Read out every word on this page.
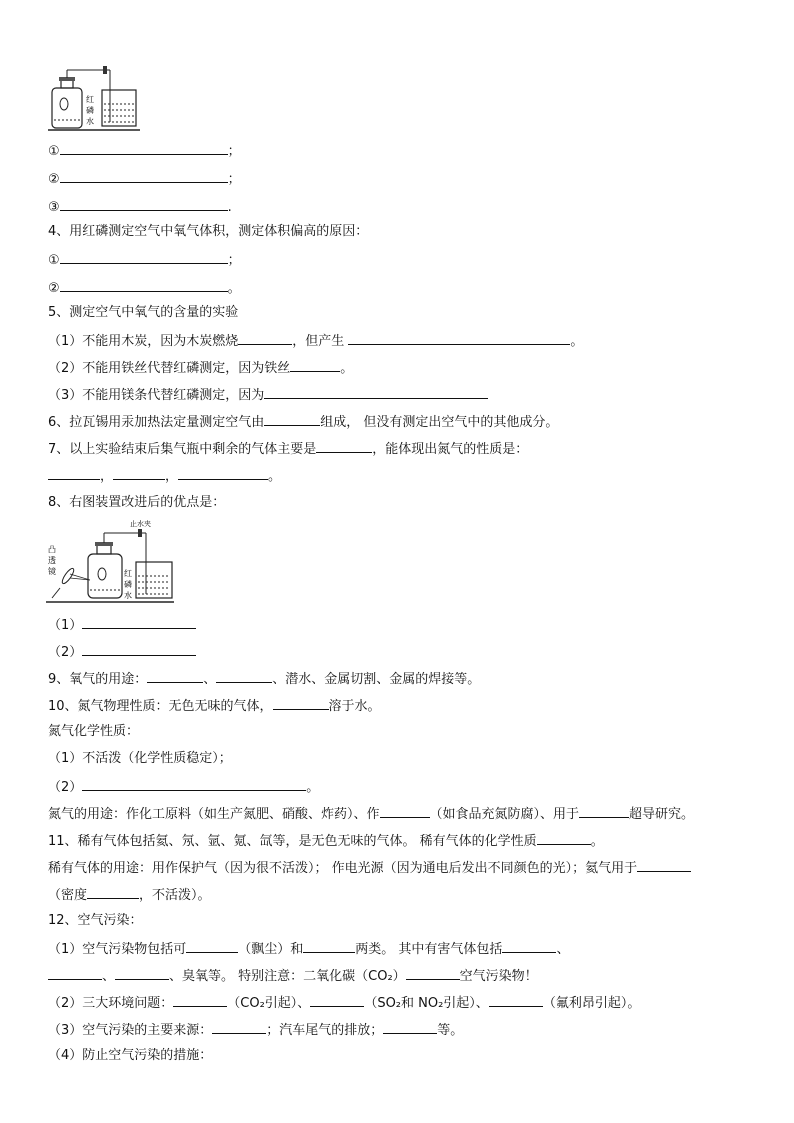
红
磷
水
①	；
②	；
③	.
4、用红磷测定空气中氧气体积，测定体积偏高的原因：
①	；
②	。
5、测定空气中氧气的含量的实验
（1）不能用木炭，因为木炭燃烧	，但产生	。
（2）不能用铁丝代替红磷测定，因为铁丝	。
（3）不能用镁条代替红磷测定，因为
6、拉瓦锡用汞加热法定量测定空气由	组成， 但没有测定出空气中的其他成分。
7、以上实验结束后集气瓶中剩余的气体主要是	，能体现出氮气的性质是：
，	，	。
8、右图装置改进后的优点是：
凸
透
镜
止水夹
红
磷
水
（1）
（2）
9、氧气的用途：	、	、潜水、金属切割、金属的焊接等。
10、氮气物理性质：无色无味的气体，	溶于水。
氮气化学性质：
（1）不活泼（化学性质稳定）；
（2）	。
氮气的用途：作化工原料（如生产氮肥、硝酸、炸药）、作	（如食品充氮防腐）、用于	超导研究。
11、稀有气体包括氦、氖、氩、氪、氙等，是无色无味的气体。 稀有气体的化学性质	。
稀有气体的用途：用作保护气（因为很不活泼）； 作电光源（因为通电后发出不同颜色的光）；氦气用于
（密度	，不活泼）。
12、空气污染：
（1）空气污染物包括可	（飘尘）和	两类。 其中有害气体包括	、
、	、臭氧等。 特别注意：二氧化碳（CO₂）	空气污染物！
（2）三大环境问题：	（CO₂引起）、	（SO₂和 NO₂引起）、	（氟利昂引起）。
（3）空气污染的主要来源：	；汽车尾气的排放；	等。
（4）防止空气污染的措施：
